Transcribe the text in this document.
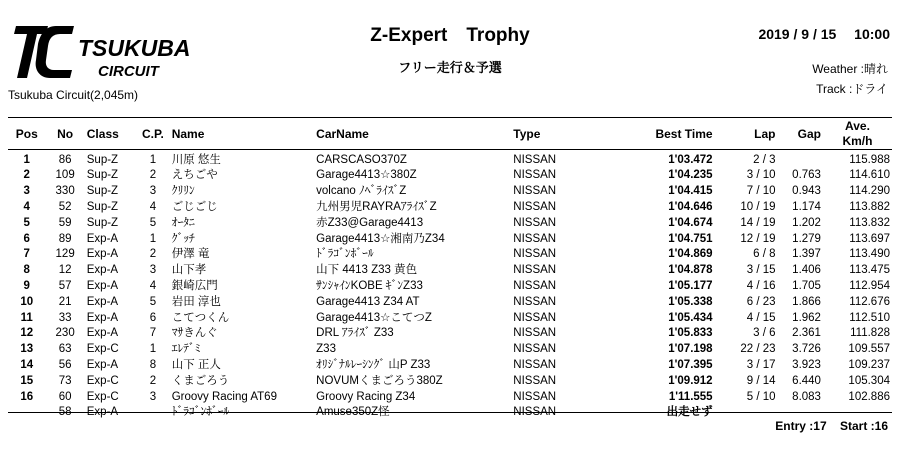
TSUKUBA
CIRCUIT
Tsukuba Circuit(2,045m)
Z-Expert　Trophy
フリー走行＆予選
2019 / 9 / 15　 10:00
Weather :晴れ
Track :ドライ
Pos	No	Class	C.P.	Name	CarName	Type	Best Time	Lap	Gap	Ave.
Km/h
1	86	Sup-Z	1	川原 悠生	CARSCASO370Z	NISSAN	1'03.472	2 / 3		115.988
2	109	Sup-Z	2	えちごや	Garage4413☆380Z	NISSAN	1'04.235	3 / 10	0.763	114.610
3	330	Sup-Z	3	ｸﾘﾘﾝ	volcano ﾉﾍﾞﾗｲｽﾞZ	NISSAN	1'04.415	7 / 10	0.943	114.290
4	52	Sup-Z	4	ごじごじ	九州男児RAYRAｱﾗｲｽﾞZ	NISSAN	1'04.646	10 / 19	1.174	113.882
5	59	Sup-Z	5	ｵｰﾀﾆ	赤Z33@Garage4413	NISSAN	1'04.674	14 / 19	1.202	113.832
6	89	Exp-A	1	ｸﾞｯﾁ	Garage4413☆湘南乃Z34	NISSAN	1'04.751	12 / 19	1.279	113.697
7	129	Exp-A	2	伊澤 竜	ﾄﾞﾗｺﾞﾝﾎﾞｰﾙ	NISSAN	1'04.869	6 / 8	1.397	113.490
8	12	Exp-A	3	山下孝	山下 4413 Z33 黄色	NISSAN	1'04.878	3 / 15	1.406	113.475
9	57	Exp-A	4	銀崎広門	ｻﾝｼｬｲﾝKOBE ｷﾞﾝZ33	NISSAN	1'05.177	4 / 16	1.705	112.954
10	21	Exp-A	5	岩田 淳也	Garage4413 Z34 AT	NISSAN	1'05.338	6 / 23	1.866	112.676
11	33	Exp-A	6	こてつくん	Garage4413☆こてつZ	NISSAN	1'05.434	4 / 15	1.962	112.510
12	230	Exp-A	7	ﾏｻきんぐ	DRL ｱﾗｲｽﾞ Z33	NISSAN	1'05.833	3 / 6	2.361	111.828
13	63	Exp-C	1	ｴﾚﾃﾞﾐ	Z33	NISSAN	1'07.198	22 / 23	3.726	109.557
14	56	Exp-A	8	山下 正人	ｵﾘｼﾞﾅﾙﾚｰｼﾝｸﾞ 山P Z33	NISSAN	1'07.395	3 / 17	3.923	109.237
15	73	Exp-C	2	くまごろう	NOVUMくまごろう380Z	NISSAN	1'09.912	9 / 14	6.440	105.304
16	60	Exp-C	3	Groovy Racing AT69	Groovy Racing Z34	NISSAN	1'11.555	5 / 10	8.083	102.886
	58	Exp-A		ﾄﾞﾗｺﾞﾝﾎﾞｰﾙ	Amuse350Z怪	NISSAN	出走せず			
Entry :17 Start :16
